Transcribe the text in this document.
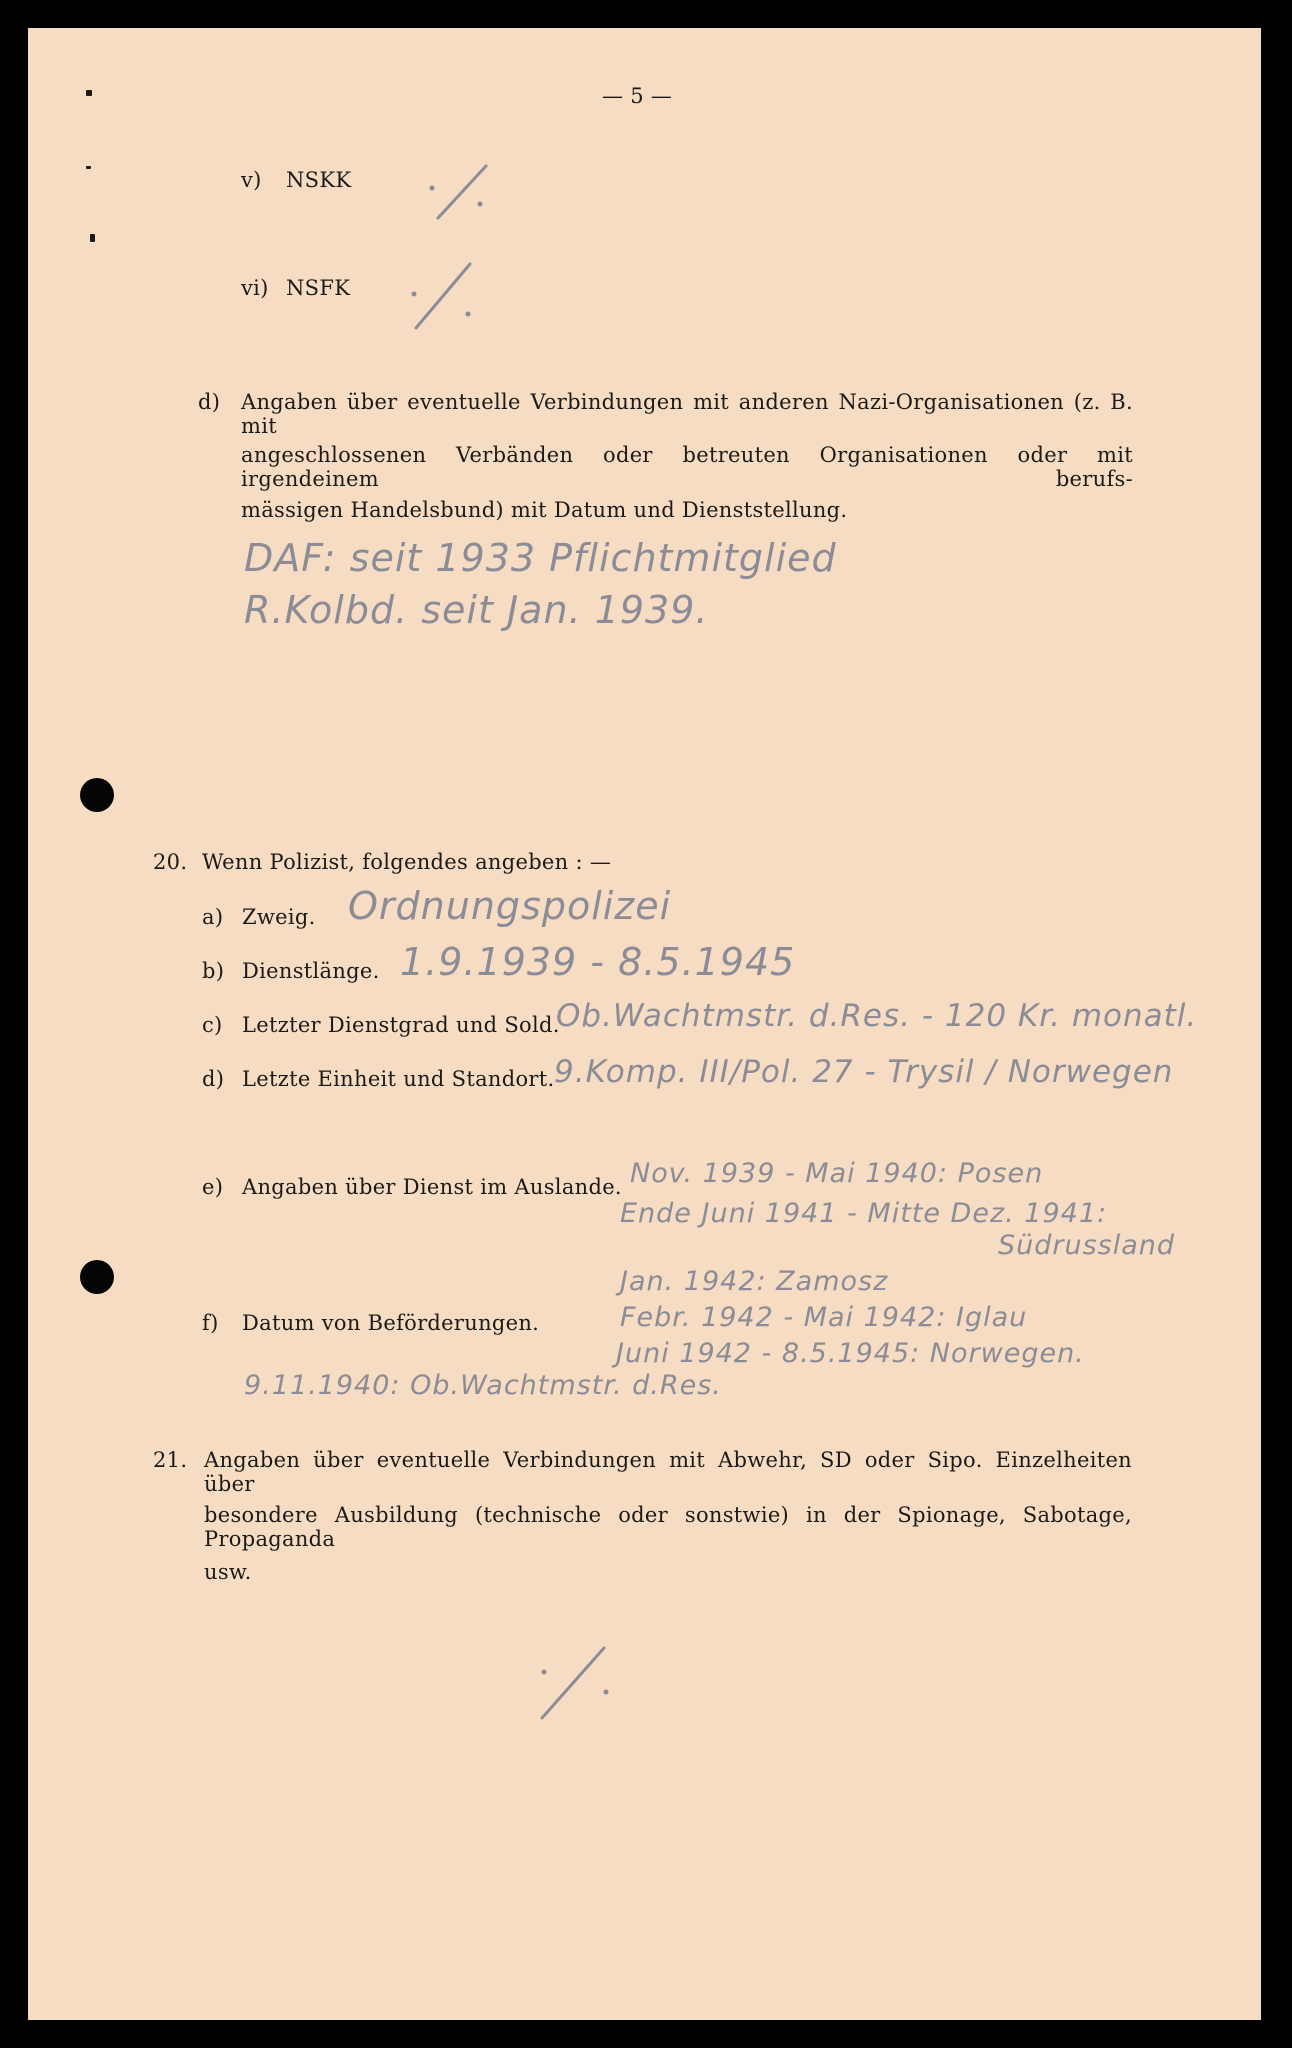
— 5 —
v) NSKK
vi) NSFK
d) Angaben über eventuelle Verbindungen mit anderen Nazi-Organisationen (z. B. mit
angeschlossenen Verbänden oder betreuten Organisationen oder mit irgendeinem berufs-
mässigen Handelsbund) mit Datum und Dienststellung.
DAF: seit 1933 Pflichtmitglied
R.Kolbd. seit Jan. 1939.
20. Wenn Polizist, folgendes angeben : —
a) Zweig. Ordnungspolizei
b) Dienstlänge. 1.9.1939 - 8.5.1945
c) Letzter Dienstgrad und Sold.
Ob.Wachtmstr. d.Res. - 120 Kr. monatl.
d) Letzte Einheit und Standort. 9.Komp. III/Pol. 27 - Trysil / Norwegen
e) Angaben über Dienst im Auslande. Nov. 1939 - Mai 1940: Posen
Ende Juni 1941 - Mitte Dez. 1941:
Südrussland
Jan. 1942: Zamosz
Febr. 1942 - Mai 1942: Iglau
Juni 1942 - 8.5.1945: Norwegen.
f) Datum von Beförderungen.
9.11.1940: Ob.Wachtmstr. d.Res.
21. Angaben über eventuelle Verbindungen mit Abwehr, SD oder Sipo. Einzelheiten über
besondere Ausbildung (technische oder sonstwie) in der Spionage, Sabotage, Propaganda
usw.
